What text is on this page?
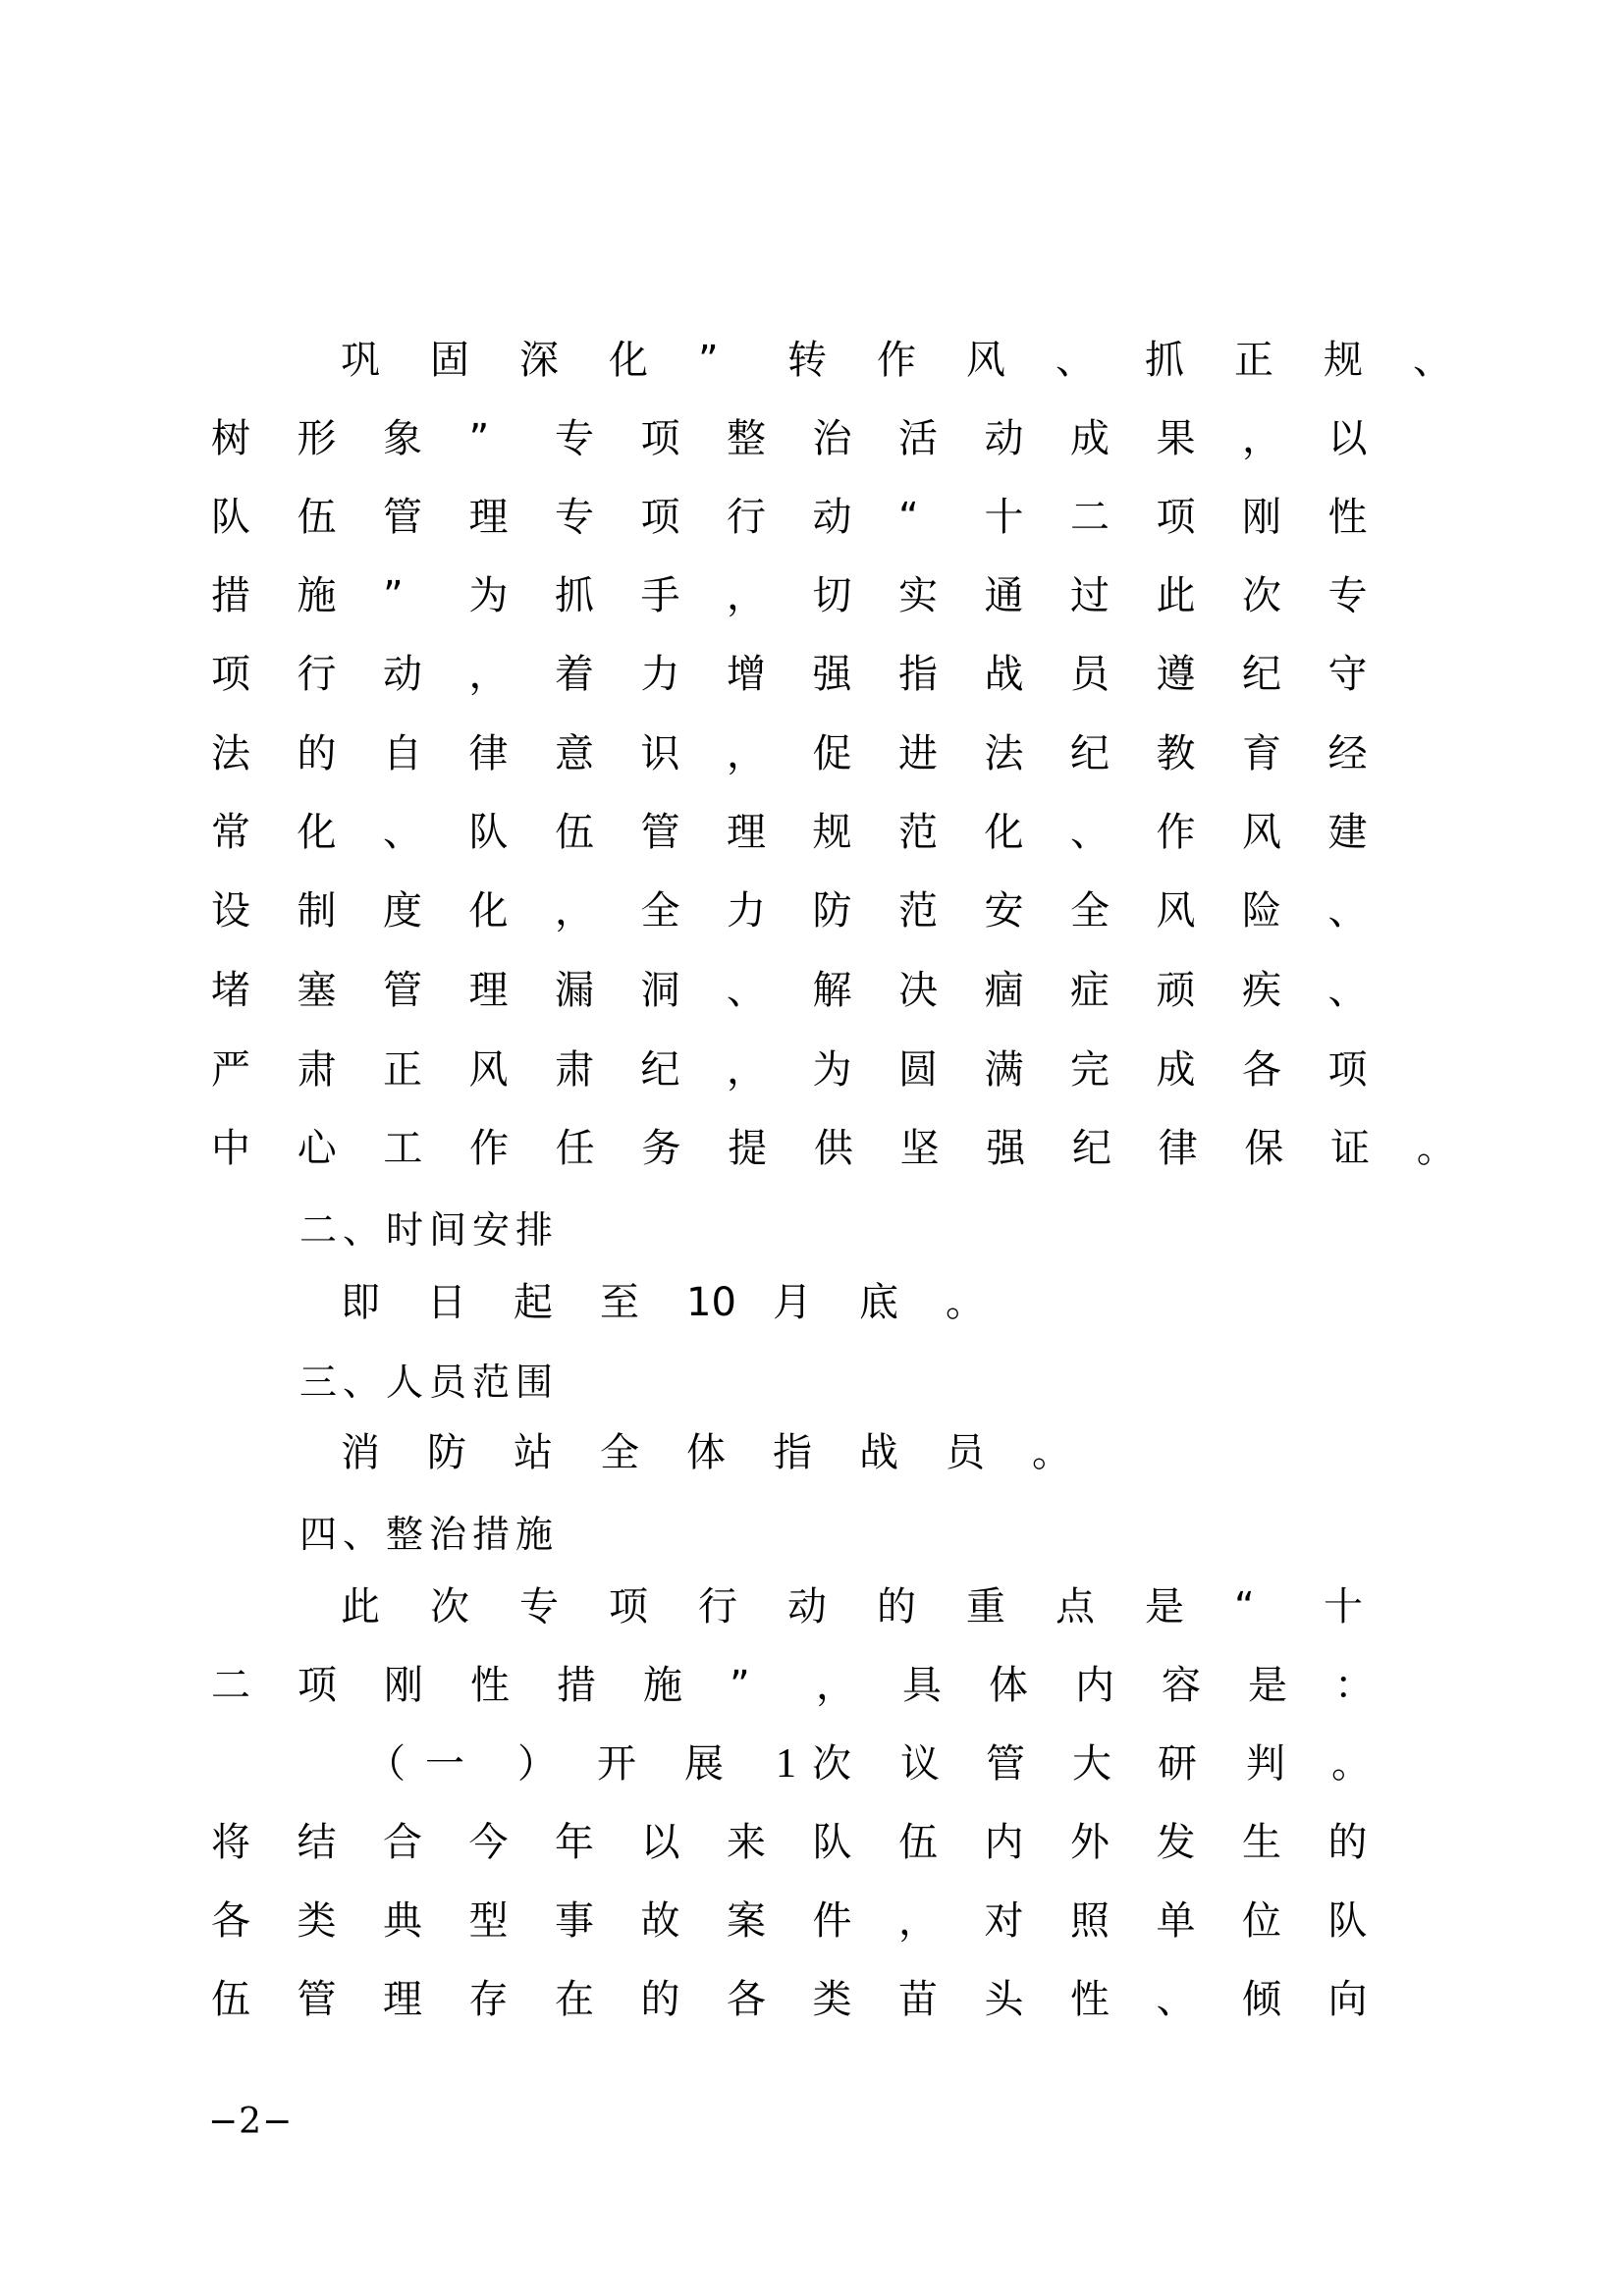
巩 固 深 化 ” 转 作 风 、 抓 正 规 、
树 形 象 ” 专 项 整 治 活 动 成 果 ， 以
队 伍 管 理 专 项 行 动 “ 十 二 项 刚 性
措 施 ” 为 抓 手 ， 切 实 通 过 此 次 专
项 行 动 ， 着 力 增 强 指 战 员 遵 纪 守
法 的 自 律 意 识 ， 促 进 法 纪 教 育 经
常 化 、 队 伍 管 理 规 范 化 、 作 风 建
设 制 度 化 ， 全 力 防 范 安 全 风 险 、
堵 塞 管 理 漏 洞 、 解 决 痼 症 顽 疾 、
严 肃 正 风 肃 纪 ， 为 圆 满 完 成 各 项
中 心 工 作 任 务 提 供 坚 强 纪 律 保 证 。
二 、 时 间 安 排
即 日 起 至 10 月 底 。
三 、 人 员 范 围
消 防 站 全 体 指 战 员 。
四 、 整 治 措 施
此 次 专 项 行 动 的 重 点 是 “ 十
二 项 刚 性 措 施 ” ， 具 体 内 容 是 ：
（ 一 ） 开 展 1 次 议 管 大 研 判 。
将 结 合 今 年 以 来 队 伍 内 外 发 生 的
各 类 典 型 事 故 案 件 ， 对 照 单 位 队
伍 管 理 存 在 的 各 类 苗 头 性 、 倾 向
−2−
